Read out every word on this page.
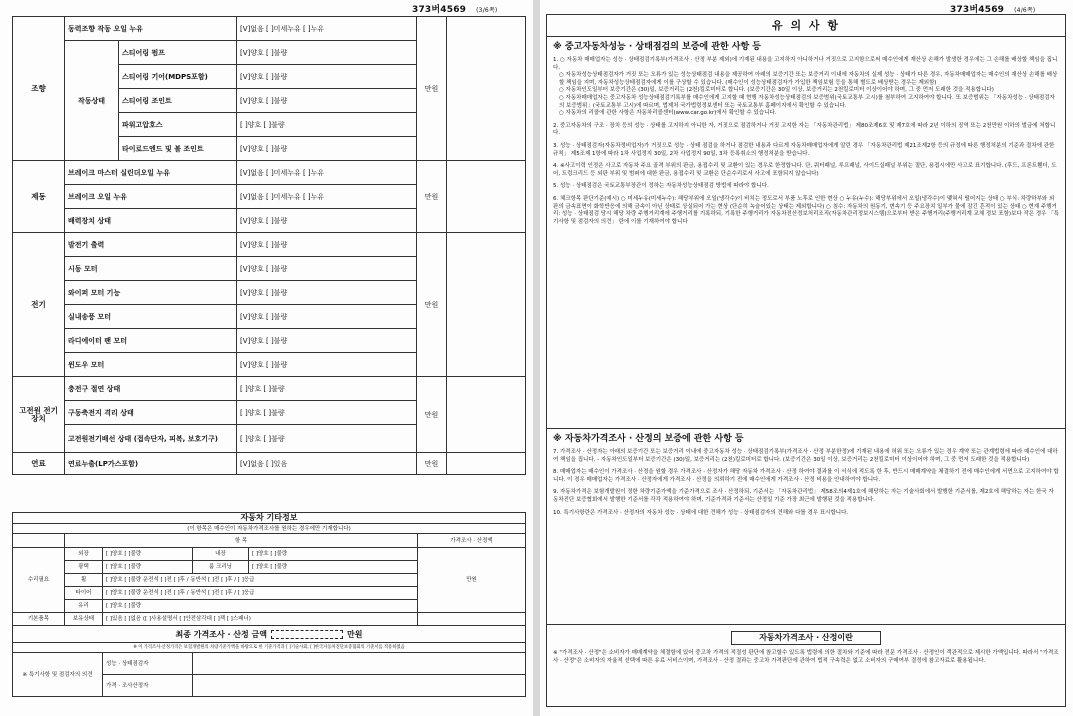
373버4569 (3/6쪽)
조향	동력조향 작동 오일 누유		[V]없음 [ ]미세누유 [ ]누유	만원	
	작동상태	스티어링 펌프	[V]양호 [ ]불량		
		스티어링 기어(MDPS포함)	[V]양호 [ ]불량		
		스티어링 조인트	[V]양호 [ ]불량		
		파워고압호스	[ ]양호 [ ]불량		
		타이로드엔드 및 볼 조인트	[V]양호 [ ]불량		
제동	브레이크 마스터 실린더오일 누유		[V]없음 [ ]미세누유 [ ]누유	만원	
	브레이크 오일 누유		[V]없음 [ ]미세누유 [ ]누유		
	배력장치 상태		[V]양호 [ ]불량		
전기	발전기 출력		[V]양호 [ ]불량	만원	
	시동 모터		[V]양호 [ ]불량		
	와이퍼 모터 기능		[V]양호 [ ]불량		
	실내송풍 모터		[V]양호 [ ]불량		
	라디에이터 팬 모터		[V]양호 [ ]불량		
	윈도우 모터		[V]양호 [ ]불량		
고전원 전기장치	충전구 절연 상태		[ ]양호 [ ]불량	만원	
	구동축전지 격리 상태		[ ]양호 [ ]불량		
	고전원전기배선 상태 (접속단자, 피복, 보호기구)		[ ]양호 [ ]불량		
연료	연료누출(LP가스포함)		[V]없음 [ ]있음	만원	
자동차 기타정보					
(이 항목은 매수인이 자동차가격조사를 원하는 경우에만 기재합니다)					
	항 목				가격조사 · 산정액
수리필요	외장	[ ]양호 [ ]불량	내장	[ ]양호 [ ]불량	만원
	광택	[ ]양호 [ ]불량	룸 크리닝	[ ]양호 [ ]불량	
	휠	[ ]양호 [ ]불량 운전석 [ ]전 [ ]후 / 동반석 [ ]전 [ ]후 / [ ]응급			
	타이어	[ ]양호 [ ]불량 운전석 [ ]전 [ ]후 / 동반석 [ ]전 [ ]후 / [ ]응급			
	유리	[ ]양호 [ ]불량			
기본품목	보유상태	[ ]있음 [ ]없음 ([ ]사용설명서 [ ]안전삼각대 [ ]잭 [ ]스패너)			
최종 가격조사 · 산정 금액 만원					
※ 이 가격조사·산정가격은 보험개발원의 차량기준가액을 바탕으로 한 기준가격과 [ ]기술사회, [ ]한국자동차진단보증협회의 기준서를 적용하였음					
※ 특기사항 및 점검자의 의견		성능 · 상태점검자			
		가격 · 조사산정자			
373버4569 (4/6쪽)
유 의 사 항

※ 중고자동차성능 · 상태점검의 보증에 관한 사항 등
1. ○ 자동차 매매업자는 성능 · 상태점검기록부(가격조사 · 산정 부분 제외)에 기재된 내용을 고지하지 아니하거나 거짓으로 고지함으로써 매수인에게 재산상 손해가 발생한 경우에는 그 손해를 배상할 책임을 집니다.
○ 자동차성능상태점검자가 거짓 또는 오류가 있는 성능상태점검 내용을 제공하여 아래의 보증기간 또는 보증거리 이내에 자동차의 실제 성능 · 상태가 다른 경우, 자동차매매업자는 매수인의 재산상 손해를 배상할 책임을 지며, 자동차성능상태점검자에게 이를 구상할 수 있습니다. (매수인이 성능상태점검자가 가입한 책임보험 등을 통해 별도로 배상받는 경우는 제외함)
○ 자동차인도일부터 보증기간은 (30)일, 보증거리는 (2천)킬로미터로 합니다. (보증기간은 30일 이상, 보증거리는 2천킬로미터 이상이어야 하며, 그 중 먼저 도래한 것을 적용합니다)
○ 자동차매매업자는 중고자동차 성능상태점검기록부를 매수인에게 고지할 때 현행 자동차성능상태점검의 보증범위(국토교통부 고시)를 첨부하여 고지하여야 합니다. 또 보증범위는 「자동차성능 · 상태점검자의 보증범위」(국토교통부 고시)에 따르며, 법제처 국가법령정보센터 또는 국토교통부 홈페이지에서 확인할 수 있습니다.
○ 자동차의 리콜에 관한 사항은 자동차리콜센터(www.car.go.kr)에서 확인할 수 있습니다.
2. 중고자동차의 구조 · 장치 등의 성능 · 상태를 고지하지 아니한 자, 거짓으로 점검하거나 거짓 고지한 자는 「자동차관리법」 제80조제6호 및 제7호에 따라 2년 이하의 징역 또는 2천만원 이하의 벌금에 처합니다.
3. 성능 · 상태점검자(자동차정비업자)가 거짓으로 성능 · 상태 점검을 하거나 점검한 내용과 다르게 자동차매매업자에게 알린 경우 「자동차관리법 제21조제2항 등의 규정에 따른 행정처분의 기준과 절차에 관한 규칙」 제5조제 1항에 따라 1차 사업정지 30일, 2차 사업정지 90일, 3차 등록취소의 행정처분을 받습니다.
4. ※사고이력 인정은 사고로 자동차 주요 골격 부위의 판금, 용접수리 및 교환이 있는 경우로 한정합니다. 단, 쿼터패널, 루프패널, 사이드실패널 부위는 절단, 용접시에만 사고로 표기합니다. (후드, 프론트휀더, 도어, 트렁크리드 등 외판 부위 및 범퍼에 대한 판금, 용접수리 및 교환은 단순수리로서 사고에 포함되지 않습니다)
5. 성능 · 상태점검은 국토교통부장관이 정하는 자동차성능상태점검 방법에 따라야 합니다.
6. 체크항목 판단기준(예시) ○ 미세누유(미세누수): 해당부위에 오일(냉각수)이 비치는 정도로서 부품 노후로 인한 현상 ○ 누유(누수): 해당부위에서 오일(냉각수)이 맺혀서 떨어지는 상태 ○ 부식: 차량하부와 외판의 금속표면이 화학반응에 의해 금속이 아닌 상태로 상실되어 가는 현상 (단순히 녹슬어있는 상태는 제외합니다) ○ 침수: 자동차의 원동기, 변속기 등 주요장치 일부가 물에 잠긴 흔적이 있는 상태 ○ 현재 주행거리: 성능 · 상태점검 당시 해당 차량 주행거리계에 주행거리를 기록하되, 기록한 주행거리가 자동차전산정보처리조직(자동차관리정보시스템)으로부터 받은 주행거리(주행거리계 교체 정보 포함)보다 작은 경우 「특기사항 및 점검자의 의견」 란에 이를 기재하여야 합니다

※ 자동차가격조사 · 산정의 보증에 관한 사항 등
7. 가격조사 · 산정자는 아래의 보증기간 또는 보증거리 이내에 중고자동차 성능 · 상태점검기록부(가격조사 · 산정 부분한정)에 기재된 내용에 허위 또는 오류가 있는 경우 계약 또는 관계법령에 따라 매수인에 대하여 책임을 집니다. - 자동차인도일부터 보증기간은 (30)일, 보증거리는 (2천)킬로미터로 합니다. (보증기간은 30일 이상, 보증거리는 2천킬로미터 이상이어야 하며, 그 중 먼저 도래한 것을 적용합니다)
8. 매매업자는 매수인이 가격조사 · 산정을 원할 경우 가격조사 · 산정자가 해당 자동차 가격조사 · 산정 하여야 결과를 이 서식에 적도록 한 후, 반드시 매매계약을 체결하기 전에 매수인에게 서면으로 고지하여야 합니다. 이 경우 매매업자는 가격조사 · 산정자에게 가격조사 · 산정을 의뢰하기 전에 매수인에게 가격조사 · 산정 비용을 안내하여야 합니다.
9. 자동차가격은 보험개발원이 정한 차량기준가액을 기준가격으로 조사 · 산정하되, 기준서는 「자동차관리법」 제58조의4제1호에 해당하는 자는 기술사회에서 발행한 기준서를, 제2호에 해당하는 자는 한국 자동차진단 보증협회에서 발행한 기준서를 각각 적용하여야 하며, 기준가격과 기준서는 산정일 기준 가장 최근에 발행된 것을 적용합니다.
10. 특기사항란은 가격조사 · 산정자의 자동차 성능 · 상태에 대한 견해가 성능 · 상태점검자의 견해와 다를 경우 표시합니다.

자동차가격조사 · 산정이란
※ "가격조사 · 산정"은 소비자가 매매계약을 체결함에 있어 중고차 가격의 적절성 판단에 참고할수 있도록 법령에 의한 절차와 기준에 따라 전문 가격조사 · 산정인이 객관적으로 제시한 가액입니다. 따라서 "가격조사 · 산정"은 소비자의 자율적 선택에 따른 유료 서비스이며, 가격조사 · 산정 결과는 중고차 가격판단에 관하여 법적 구속력은 없고 소비자의 구매여부 결정에 참고자료로 활용됩니다.
